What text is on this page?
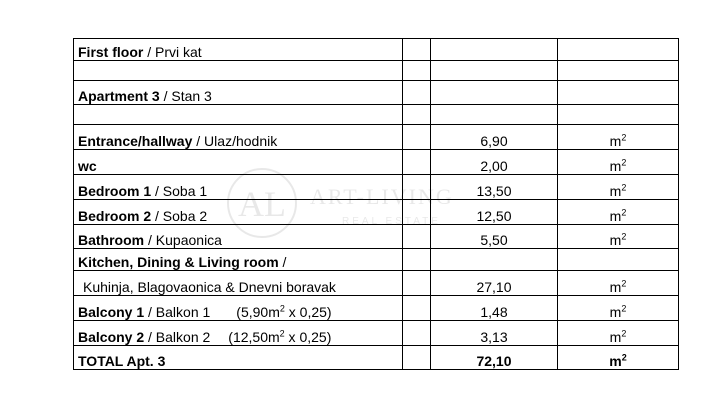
AL ART-LIVING
REAL ESTATE
First floor / Prvi kat			

Apartment 3 / Stan 3			

Entrance/hallway / Ulaz/hodnik		6,90	$m^2$
wc		2,00	$m^2$
Bedroom 1 / Soba 1		13,50	$m^2$
Bedroom 2 / Soba 2		12,50	$m^2$
Bathroom / Kupaonica		5,50	$m^2$
Kitchen, Dining & Living room /			
Kuhinja, Blagovaonica & Dnevni boravak		27,10	$m^2$
Balcony 1 / Balkon 1 ($5,90m^2$ x 0,25)		1,48	$m^2$
Balcony 2 / Balkon 2 ($12,50m^2$ x 0,25)		3,13	$m^2$
TOTAL Apt. 3		72,10	$m^2$
